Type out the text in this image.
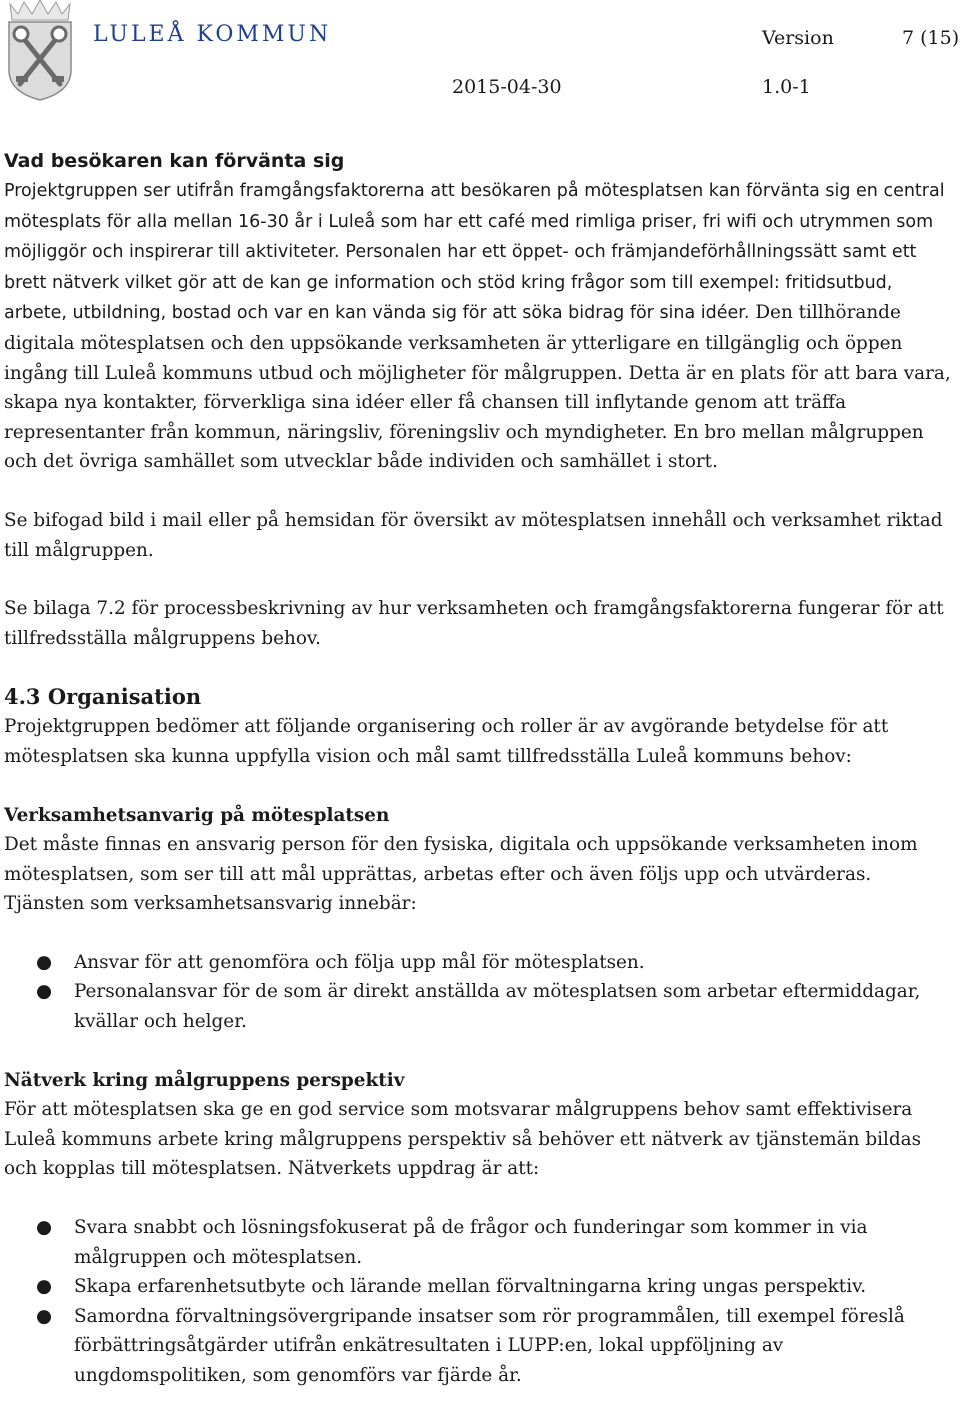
LULEÅ KOMMUN	Version	7 (15)
2015-04-30	1.0-1
Vad besökaren kan förvänta sig

Projektgruppen ser utifrån framgångsfaktorerna att besökaren på mötesplatsen kan förvänta sig en central mötesplats för alla mellan 16-30 år i Luleå som har ett café med rimliga priser, fri wifi och utrymmen som möjliggör och inspirerar till aktiviteter. Personalen har ett öppet- och främjandeförhållningssätt samt ett brett nätverk vilket gör att de kan ge information och stöd kring frågor som till exempel: fritidsutbud, arbete, utbildning, bostad och var en kan vända sig för att söka bidrag för sina idéer. Den tillhörande digitala mötesplatsen och den uppsökande verksamheten är ytterligare en tillgänglig och öppen ingång till Luleå kommuns utbud och möjligheter för målgruppen. Detta är en plats för att bara vara, skapa nya kontakter, förverkliga sina idéer eller få chansen till inflytande genom att träffa representanter från kommun, näringsliv, föreningsliv och myndigheter. En bro mellan målgruppen och det övriga samhället som utvecklar både individen och samhället i stort.

Se bifogad bild i mail eller på hemsidan för översikt av mötesplatsen innehåll och verksamhet riktad till målgruppen.

Se bilaga 7.2 för processbeskrivning av hur verksamheten och framgångsfaktorerna fungerar för att tillfredsställa målgruppens behov.

4.3 Organisation

Projektgruppen bedömer att följande organisering och roller är av avgörande betydelse för att mötesplatsen ska kunna uppfylla vision och mål samt tillfredsställa Luleå kommuns behov:

Verksamhetsanvarig på mötesplatsen

Det måste finnas en ansvarig person för den fysiska, digitala och uppsökande verksamheten inom mötesplatsen, som ser till att mål upprättas, arbetas efter och även följs upp och utvärderas. Tjänsten som verksamhetsansvarig innebär:

● Ansvar för att genomföra och följa upp mål för mötesplatsen.
● Personalansvar för de som är direkt anställda av mötesplatsen som arbetar eftermiddagar, kvällar och helger.

Nätverk kring målgruppens perspektiv

För att mötesplatsen ska ge en god service som motsvarar målgruppens behov samt effektivisera Luleå kommuns arbete kring målgruppens perspektiv så behöver ett nätverk av tjänstemän bildas och kopplas till mötesplatsen. Nätverkets uppdrag är att:

● Svara snabbt och lösningsfokuserat på de frågor och funderingar som kommer in via målgruppen och mötesplatsen.
● Skapa erfarenhetsutbyte och lärande mellan förvaltningarna kring ungas perspektiv.
● Samordna förvaltningsövergripande insatser som rör programmålen, till exempel föreslå förbättringsåtgärder utifrån enkätresultaten i LUPP:en, lokal uppföljning av ungdomspolitiken, som genomförs var fjärde år.
